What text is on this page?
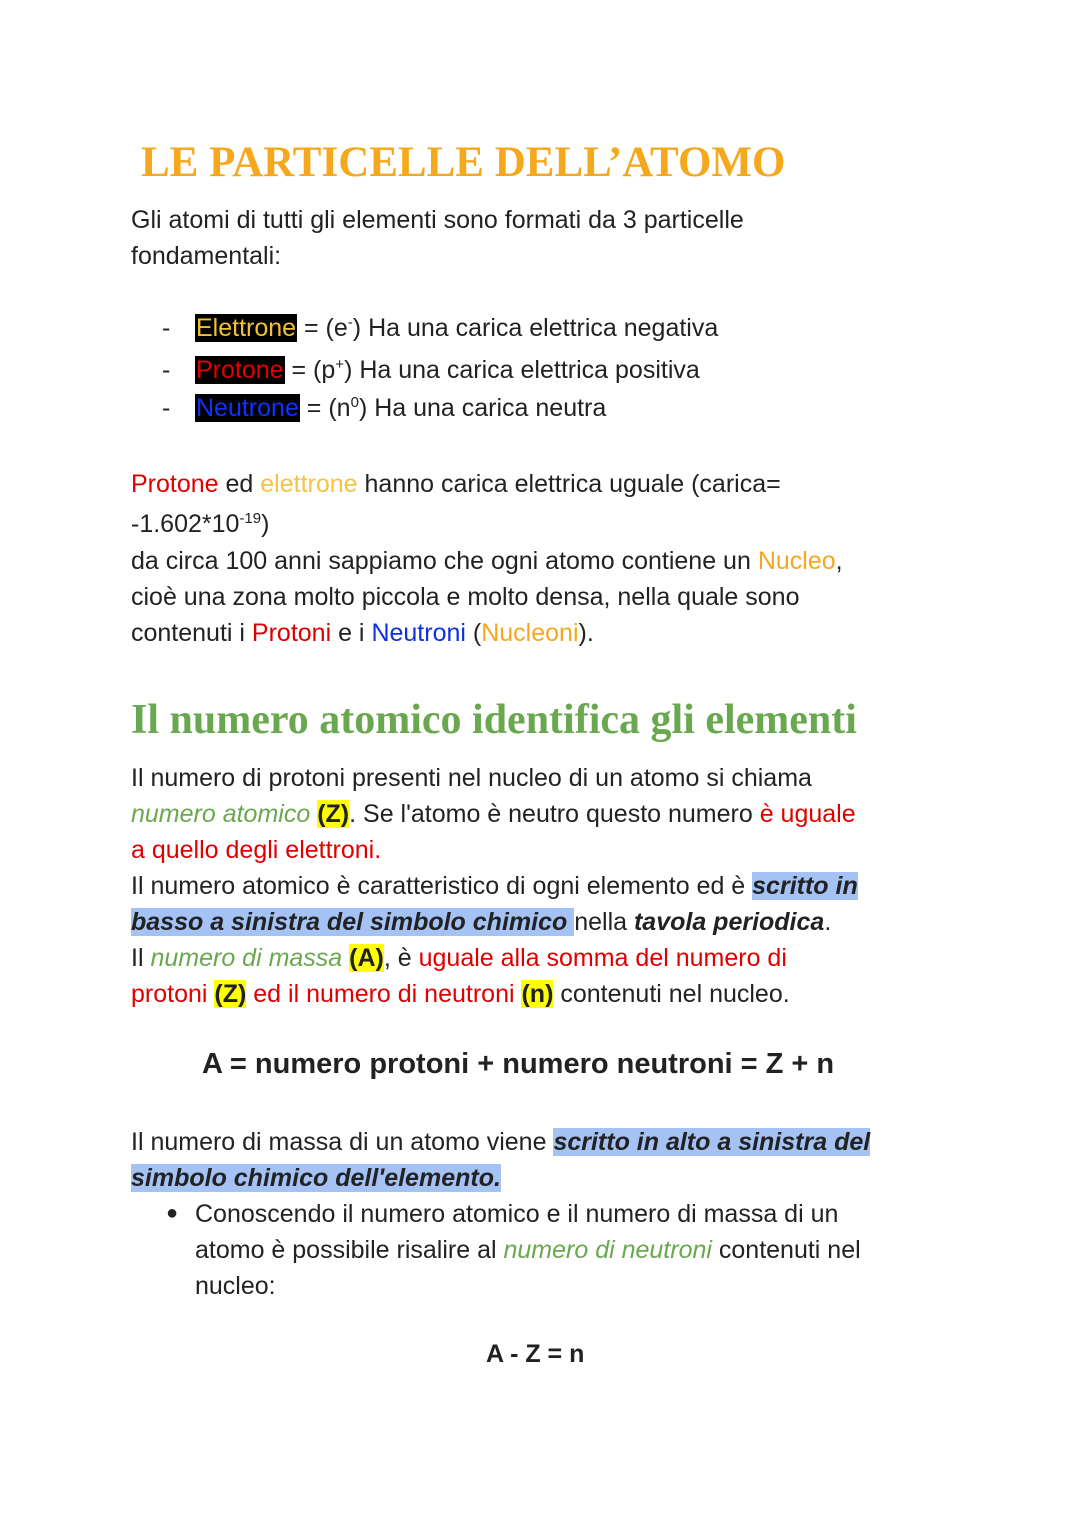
LE PARTICELLE DELL’ATOMO
Gli atomi di tutti gli elementi sono formati da 3 particelle
fondamentali:
- Elettrone = (e-) Ha una carica elettrica negativa
- Protone = (p+) Ha una carica elettrica positiva
- Neutrone = $(n^0)$ Ha una carica neutra
Protone ed elettrone hanno carica elettrica uguale (carica=
$-1.602*10^{-19}$)
da circa 100 anni sappiamo che ogni atomo contiene un Nucleo,
cioè una zona molto piccola e molto densa, nella quale sono
contenuti i Protoni e i Neutroni (Nucleoni).
Il numero atomico identifica gli elementi
Il numero di protoni presenti nel nucleo di un atomo si chiama
numero atomico (Z). Se l'atomo è neutro questo numero è uguale
a quello degli elettroni.
Il numero atomico è caratteristico di ogni elemento ed è scritto in
basso a sinistra del simbolo chimico nella tavola periodica.
Il numero di massa (A), è uguale alla somma del numero di
protoni (Z) ed il numero di neutroni (n) contenuti nel nucleo.
A = numero protoni + numero neutroni = Z + n
Il numero di massa di un atomo viene scritto in alto a sinistra del
simbolo chimico dell'elemento.
● Conoscendo il numero atomico e il numero di massa di un
atomo è possibile risalire al numero di neutroni contenuti nel
nucleo:
A - Z = n
